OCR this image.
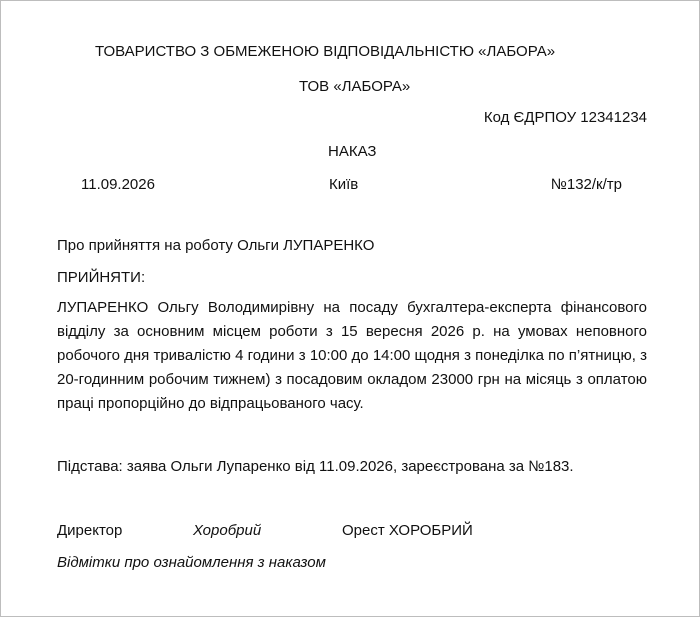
ТОВАРИСТВО З ОБМЕЖЕНОЮ ВІДПОВІДАЛЬНІСТЮ «ЛАБОРА»
ТОВ «ЛАБОРА»
Код ЄДРПОУ 12341234
НАКАЗ
11.09.2026	Київ	№132/к/тр
Про прийняття на роботу Ольги ЛУПАРЕНКО
ПРИЙНЯТИ:
ЛУПАРЕНКО Ольгу Володимирівну на посаду бухгалтера-експерта фінансового відділу за основним місцем роботи з 15 вересня 2026 р. на умовах неповного робочого дня тривалістю 4 години з 10:00 до 14:00 щодня з понеділка по п’ятницю, з 20-годинним робочим тижнем) з посадовим окладом 23000 грн на місяць з оплатою праці пропорційно до відпрацьованого часу.
Підстава: заява Ольги Лупаренко від 11.09.2026, зареєстрована за №183.
Директор	Хоробрий	Орест ХОРОБРИЙ
Відмітки про ознайомлення з наказом
